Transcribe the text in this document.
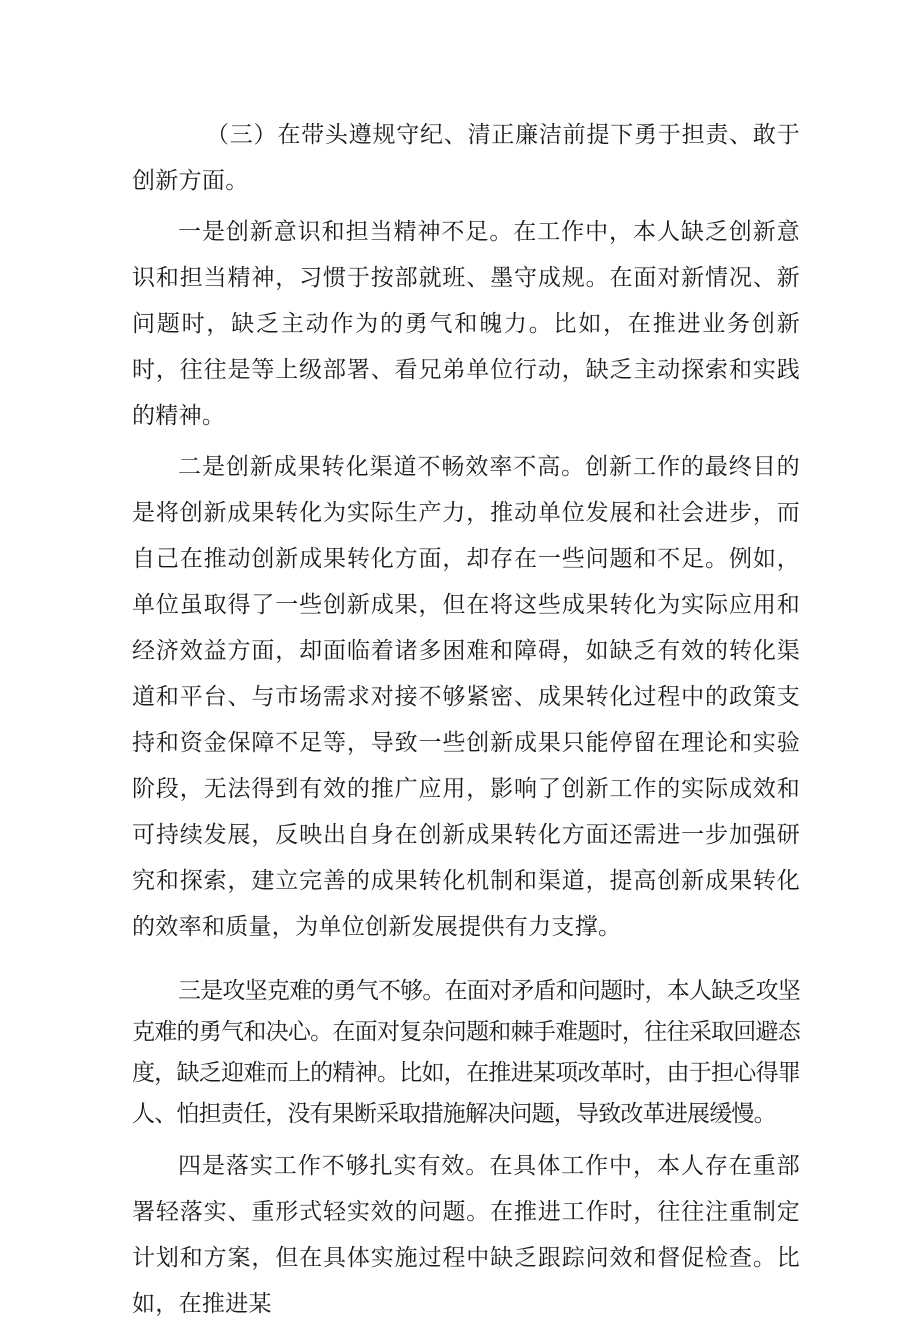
（三）在带头遵规守纪、清正廉洁前提下勇于担责、敢于创新方面。

一是创新意识和担当精神不足。在工作中，本人缺乏创新意识和担当精神，习惯于按部就班、墨守成规。在面对新情况、新问题时，缺乏主动作为的勇气和魄力。比如，在推进业务创新时，往往是等上级部署、看兄弟单位行动，缺乏主动探索和实践的精神。

二是创新成果转化渠道不畅效率不高。创新工作的最终目的是将创新成果转化为实际生产力，推动单位发展和社会进步，而自己在推动创新成果转化方面，却存在一些问题和不足。例如，单位虽取得了一些创新成果，但在将这些成果转化为实际应用和经济效益方面，却面临着诸多困难和障碍，如缺乏有效的转化渠道和平台、与市场需求对接不够紧密、成果转化过程中的政策支持和资金保障不足等，导致一些创新成果只能停留在理论和实验阶段，无法得到有效的推广应用，影响了创新工作的实际成效和可持续发展，反映出自身在创新成果转化方面还需进一步加强研究和探索，建立完善的成果转化机制和渠道，提高创新成果转化的效率和质量，为单位创新发展提供有力支撑。

三是攻坚克难的勇气不够。在面对矛盾和问题时，本人缺乏攻坚克难的勇气和决心。在面对复杂问题和棘手难题时，往往采取回避态度，缺乏迎难而上的精神。比如，在推进某项改革时，由于担心得罪人、怕担责任，没有果断采取措施解决问题，导致改革进展缓慢。

四是落实工作不够扎实有效。在具体工作中，本人存在重部署轻落实、重形式轻实效的问题。在推进工作时，往往注重制定计划和方案，但在具体实施过程中缺乏跟踪问效和督促检查。比如，在推进某
